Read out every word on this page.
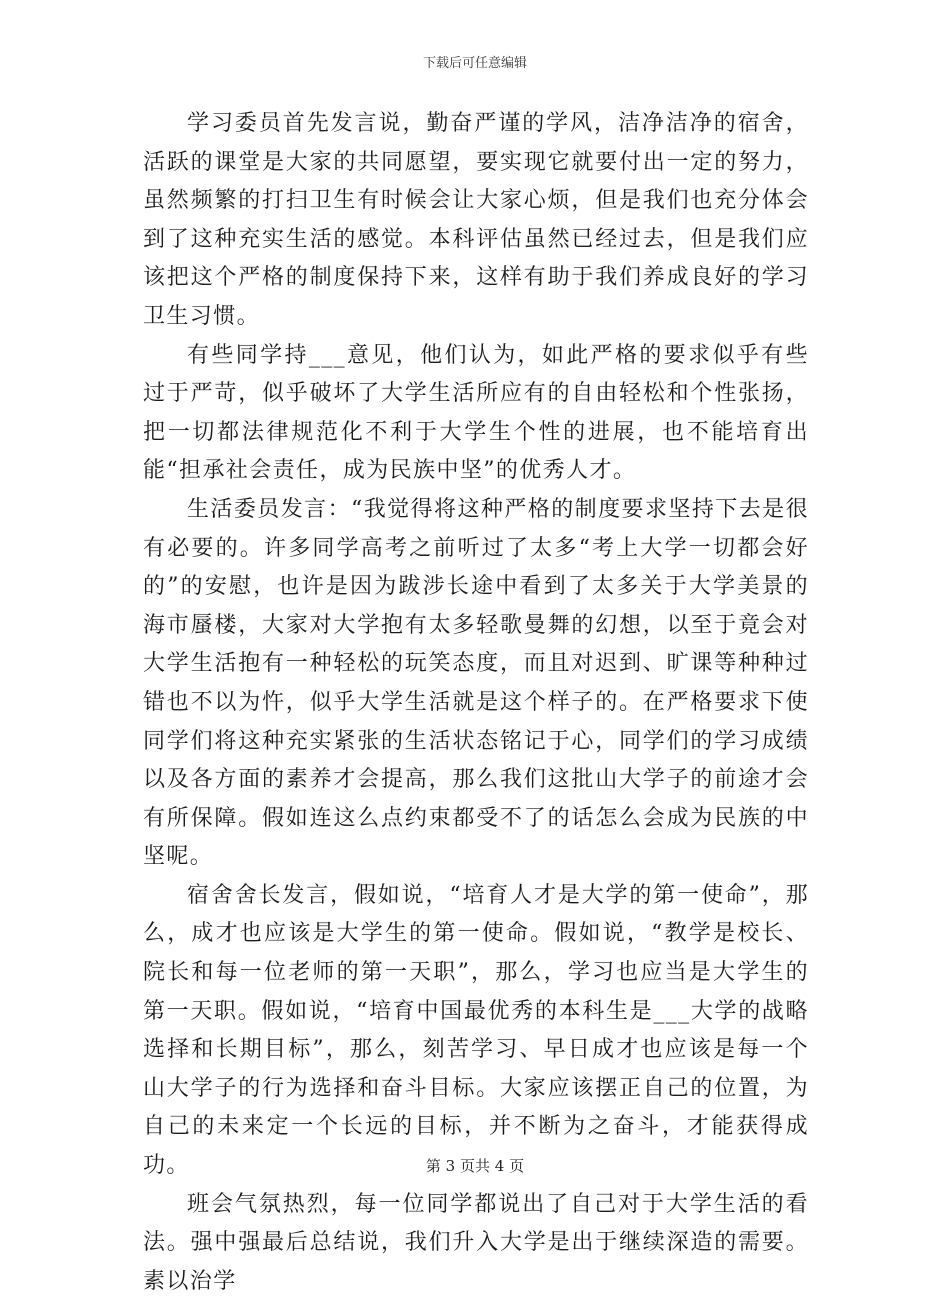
下载后可任意编辑

学习委员首先发言说，勤奋严谨的学风，洁净洁净的宿舍，活跃的课堂是大家的共同愿望，要实现它就要付出一定的努力，虽然频繁的打扫卫生有时候会让大家心烦，但是我们也充分体会到了这种充实生活的感觉。本科评估虽然已经过去，但是我们应该把这个严格的制度保持下来，这样有助于我们养成良好的学习卫生习惯。

有些同学持___意见，他们认为，如此严格的要求似乎有些过于严苛，似乎破坏了大学生活所应有的自由轻松和个性张扬，把一切都法律规范化不利于大学生个性的进展，也不能培育出能“担承社会责任，成为民族中坚”的优秀人才。

生活委员发言：“我觉得将这种严格的制度要求坚持下去是很有必要的。许多同学高考之前听过了太多“考上大学一切都会好的”的安慰，也许是因为跋涉长途中看到了太多关于大学美景的海市蜃楼，大家对大学抱有太多轻歌曼舞的幻想，以至于竟会对大学生活抱有一种轻松的玩笑态度，而且对迟到、旷课等种种过错也不以为忤，似乎大学生活就是这个样子的。在严格要求下使同学们将这种充实紧张的生活状态铭记于心，同学们的学习成绩以及各方面的素养才会提高，那么我们这批山大学子的前途才会有所保障。假如连这么点约束都受不了的话怎么会成为民族的中坚呢。

宿舍舍长发言，假如说，“培育人才是大学的第一使命”，那么，成才也应该是大学生的第一使命。假如说，“教学是校长、院长和每一位老师的第一天职”，那么，学习也应当是大学生的第一天职。假如说，“培育中国最优秀的本科生是___大学的战略选择和长期目标”，那么，刻苦学习、早日成才也应该是每一个山大学子的行为选择和奋斗目标。大家应该摆正自己的位置，为自己的未来定一个长远的目标，并不断为之奋斗，才能获得成功。

班会气氛热烈，每一位同学都说出了自己对于大学生活的看法。强中强最后总结说，我们升入大学是出于继续深造的需要。素以治学

第 3 页共 4 页
